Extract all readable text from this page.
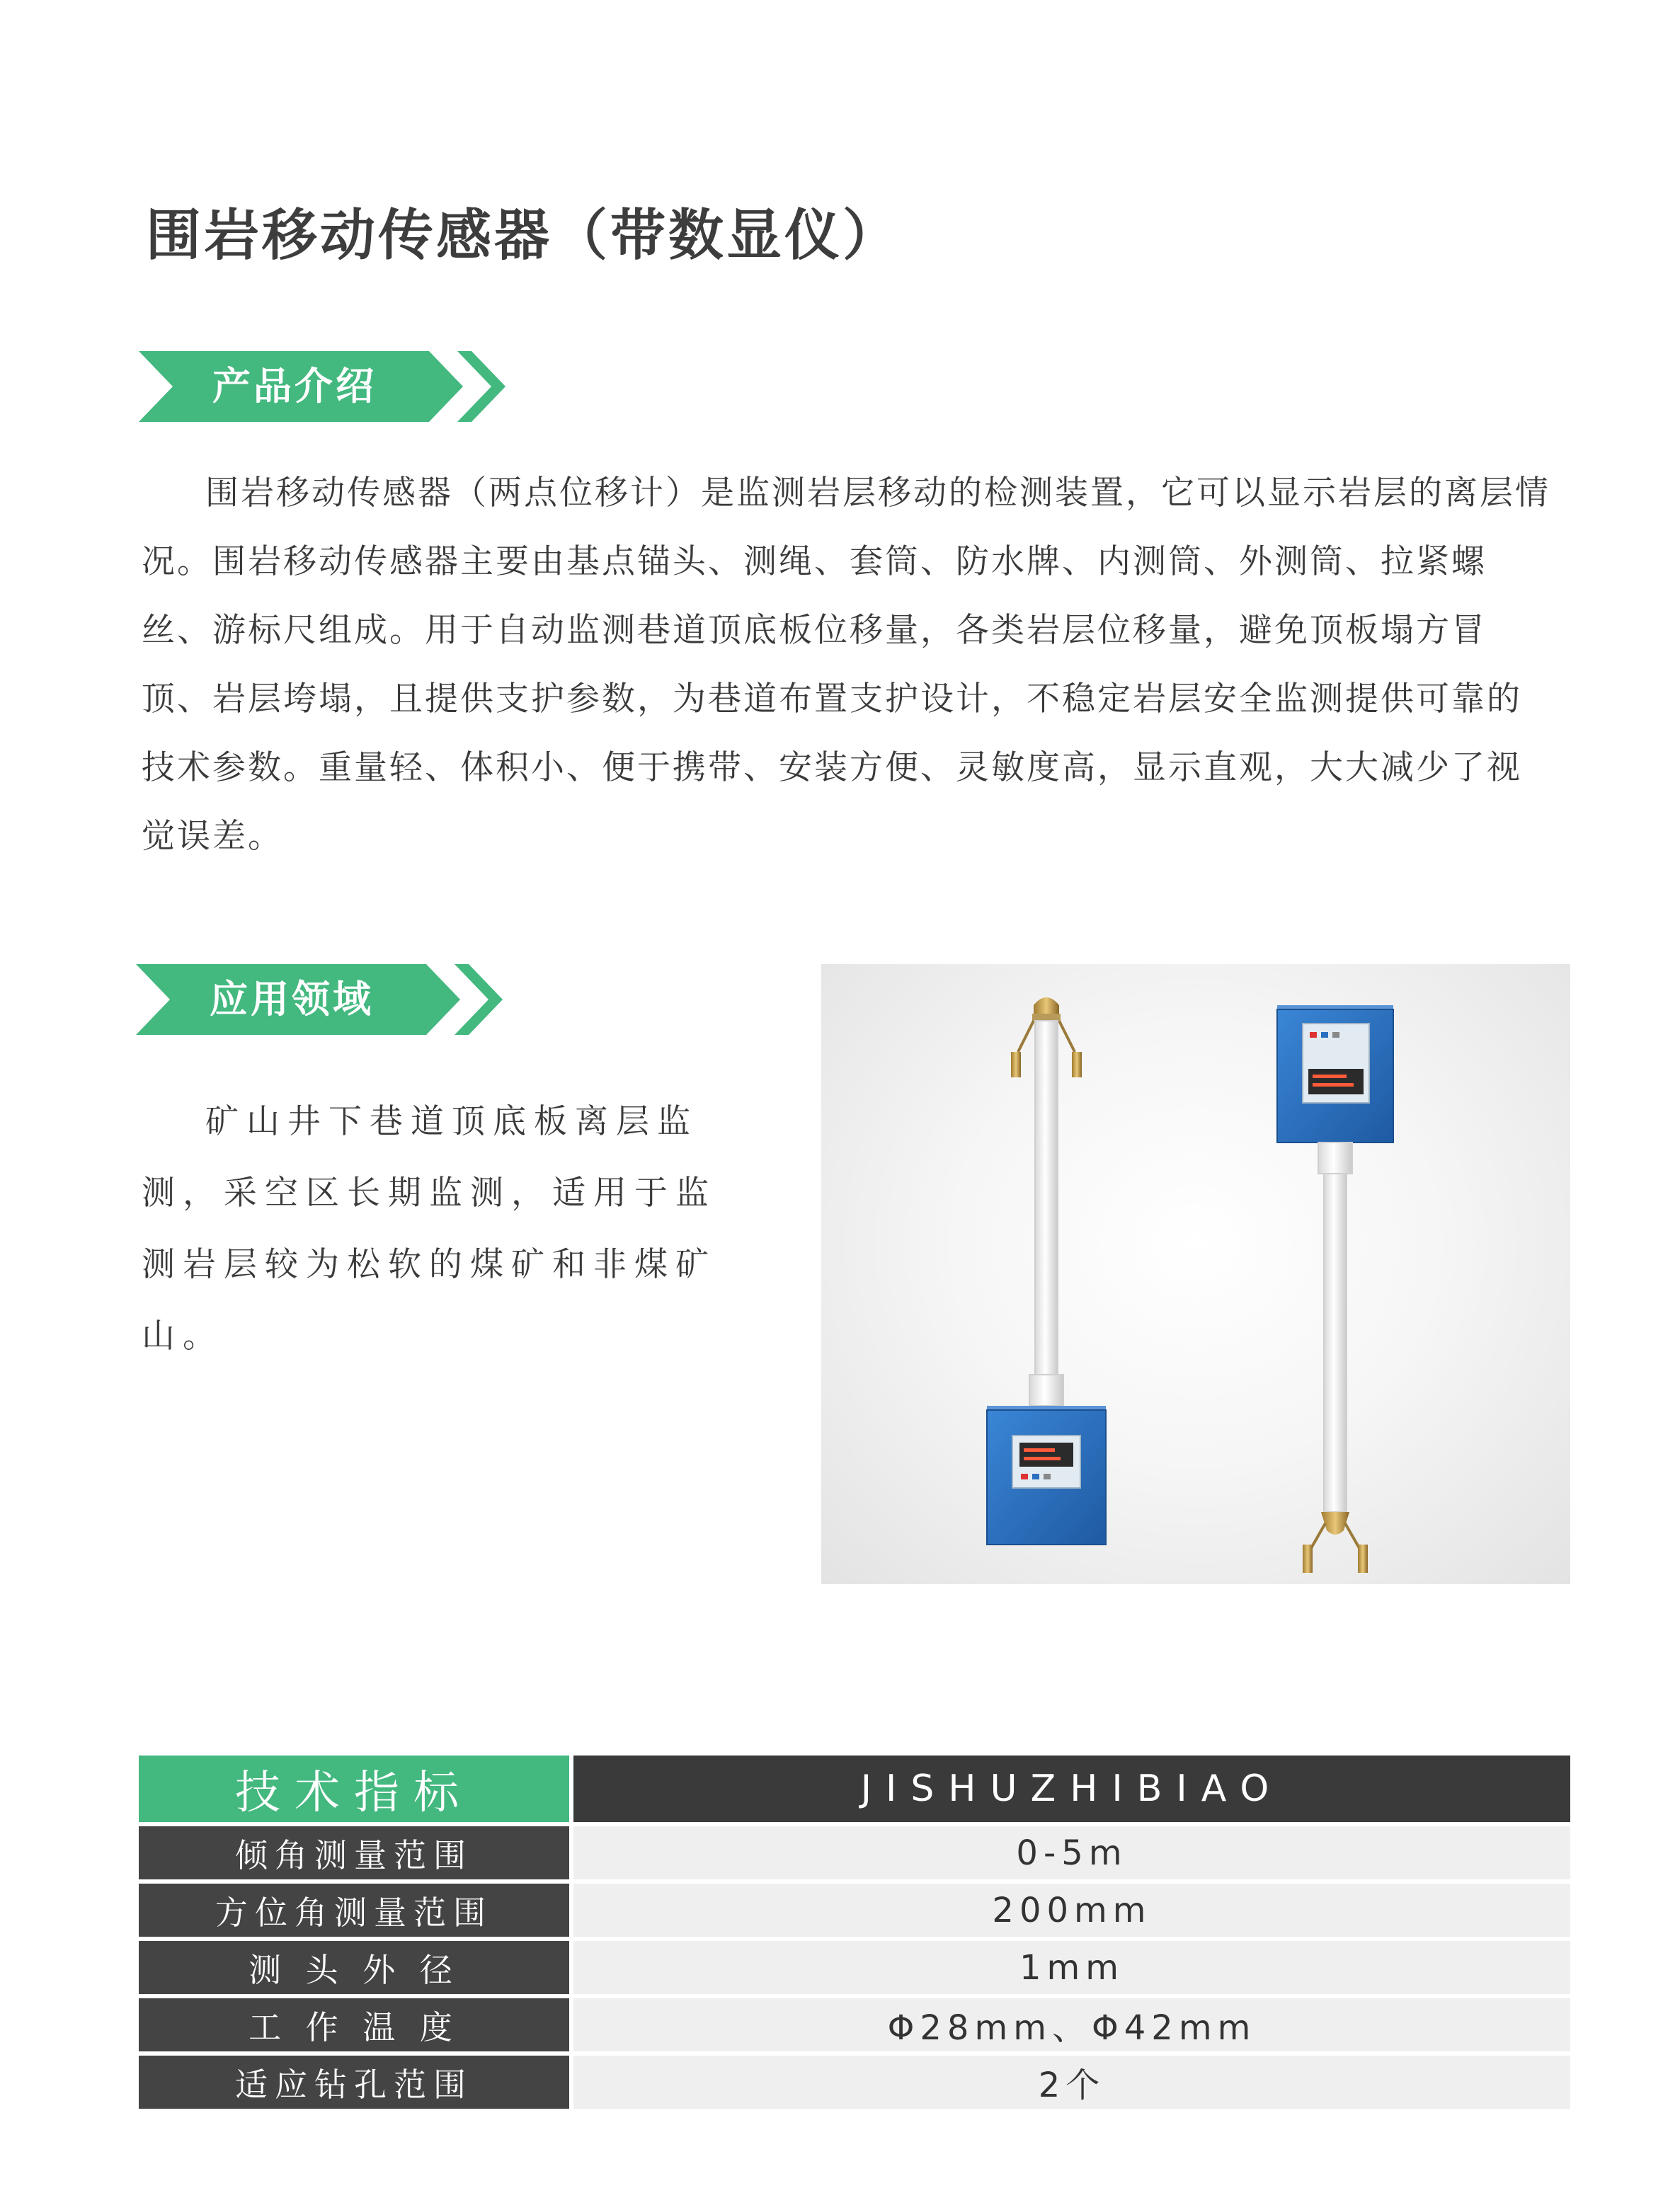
围岩移动传感器（带数显仪）
产品介绍

围岩移动传感器（两点位移计）是监测岩层移动的检测装置，它可以显示岩层的离层情况。围岩移动传感器主要由基点锚头、测绳、套筒、防水牌、内测筒、外测筒、拉紧螺丝、游标尺组成。用于自动监测巷道顶底板位移量，各类岩层位移量，避免顶板塌方冒顶、岩层垮塌，且提供支护参数，为巷道布置支护设计，不稳定岩层安全监测提供可靠的技术参数。重量轻、体积小、便于携带、安装方便、灵敏度高，显示直观，大大减少了视觉误差。

应用领域

矿山井下巷道顶底板离层监测，采空区长期监测，适用于监测岩层较为松软的煤矿和非煤矿山。

技术指标	JISHUZHIBIAO
倾角测量范围	0-5m
方位角测量范围	200mm
测 头 外 径	1mm
工 作 温 度	Φ28mm、Φ42mm
适应钻孔范围	2个
